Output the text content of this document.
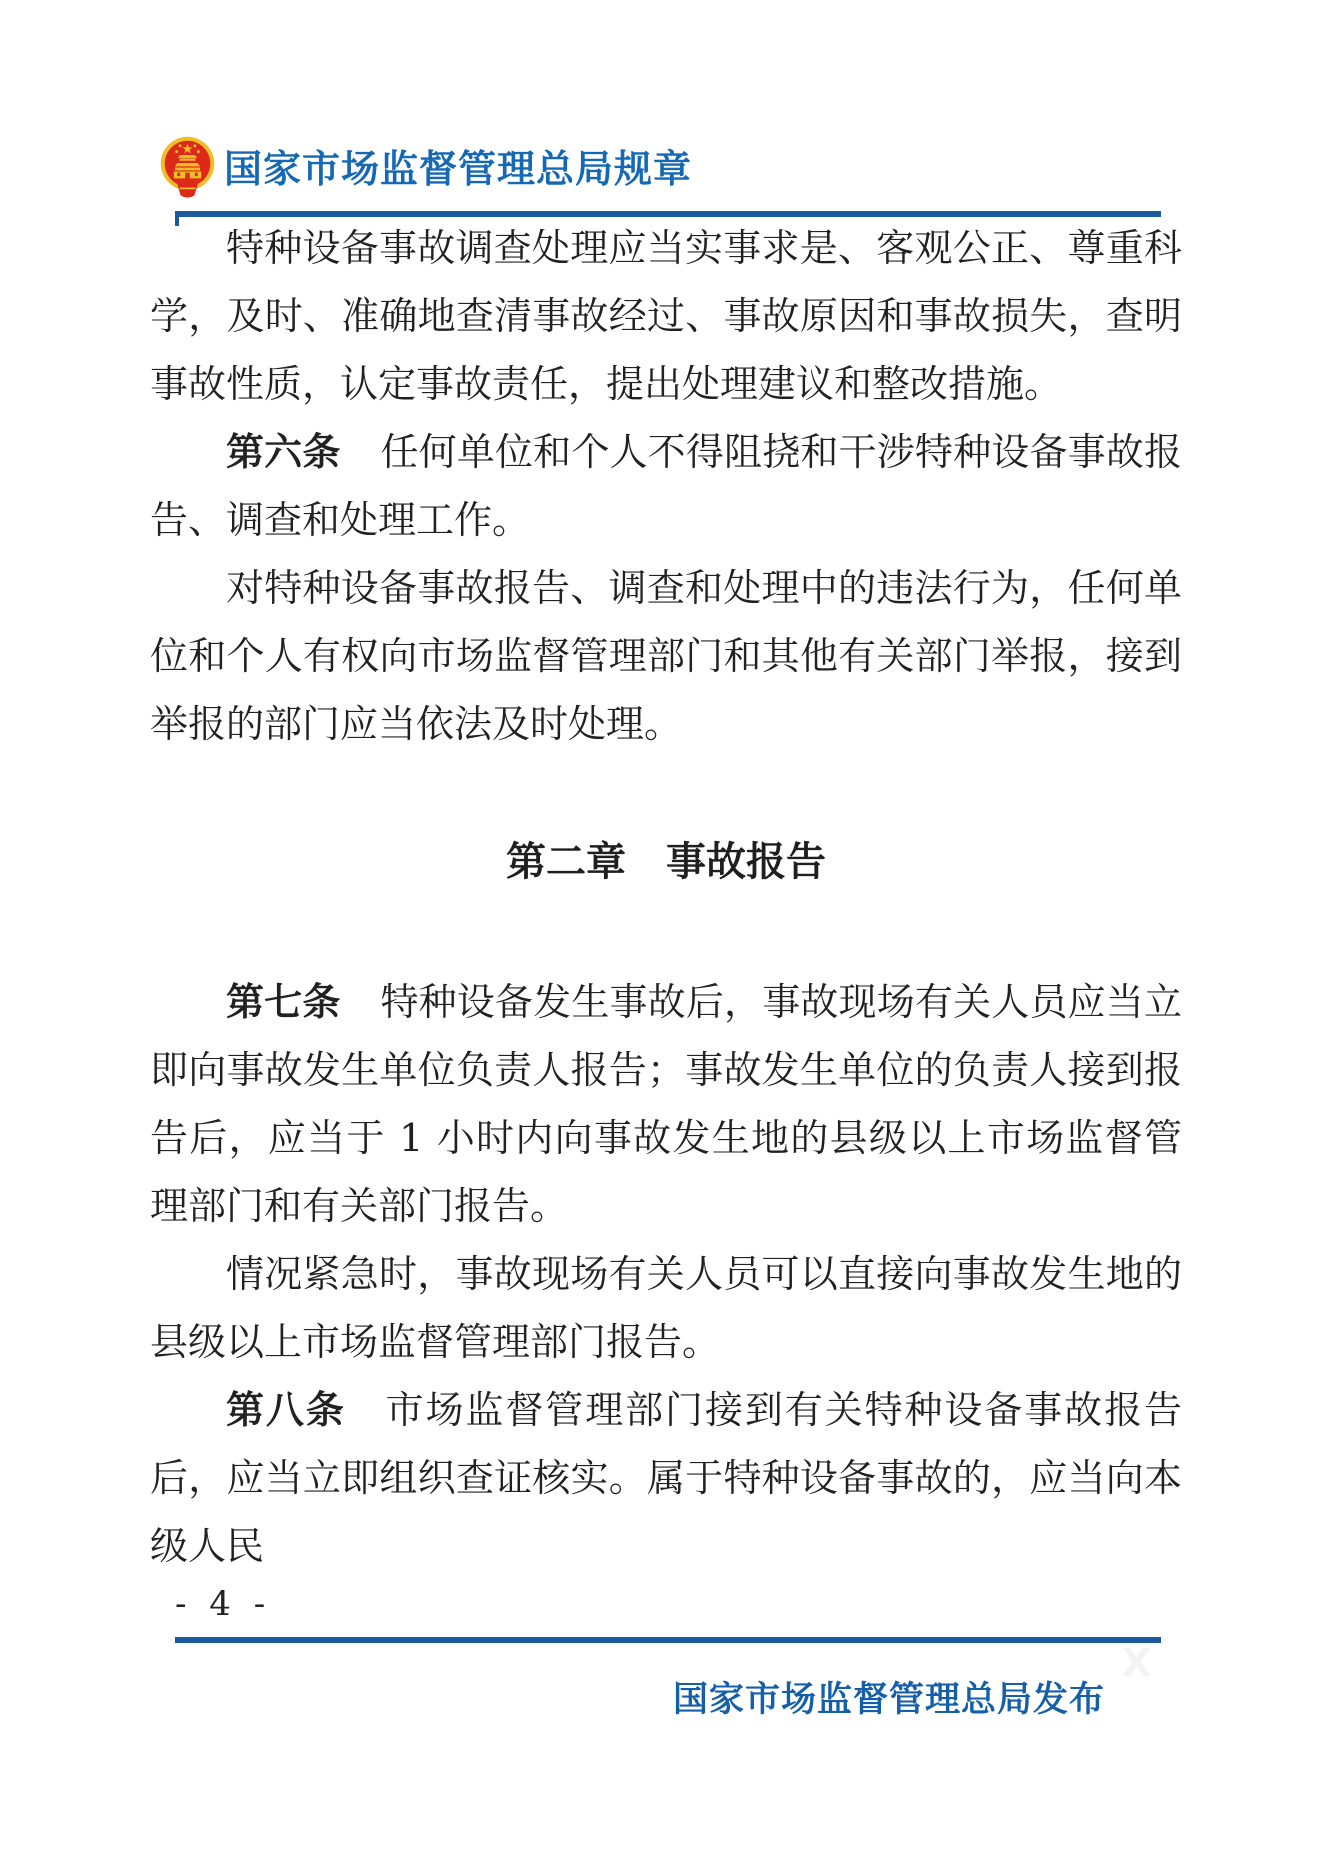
国家市场监督管理总局规章

特种设备事故调查处理应当实事求是、客观公正、尊重科学，及时、准确地查清事故经过、事故原因和事故损失，查明事故性质，认定事故责任，提出处理建议和整改措施。

第六条 任何单位和个人不得阻挠和干涉特种设备事故报告、调查和处理工作。

对特种设备事故报告、调查和处理中的违法行为，任何单位和个人有权向市场监督管理部门和其他有关部门举报，接到举报的部门应当依法及时处理。

第二章　事故报告

第七条 特种设备发生事故后，事故现场有关人员应当立即向事故发生单位负责人报告；事故发生单位的负责人接到报告后，应当于 1 小时内向事故发生地的县级以上市场监督管理部门和有关部门报告。

情况紧急时，事故现场有关人员可以直接向事故发生地的县级以上市场监督管理部门报告。

第八条 市场监督管理部门接到有关特种设备事故报告后，应当立即组织查证核实。属于特种设备事故的，应当向本级人民

- 4 -
X
国家市场监督管理总局发布
